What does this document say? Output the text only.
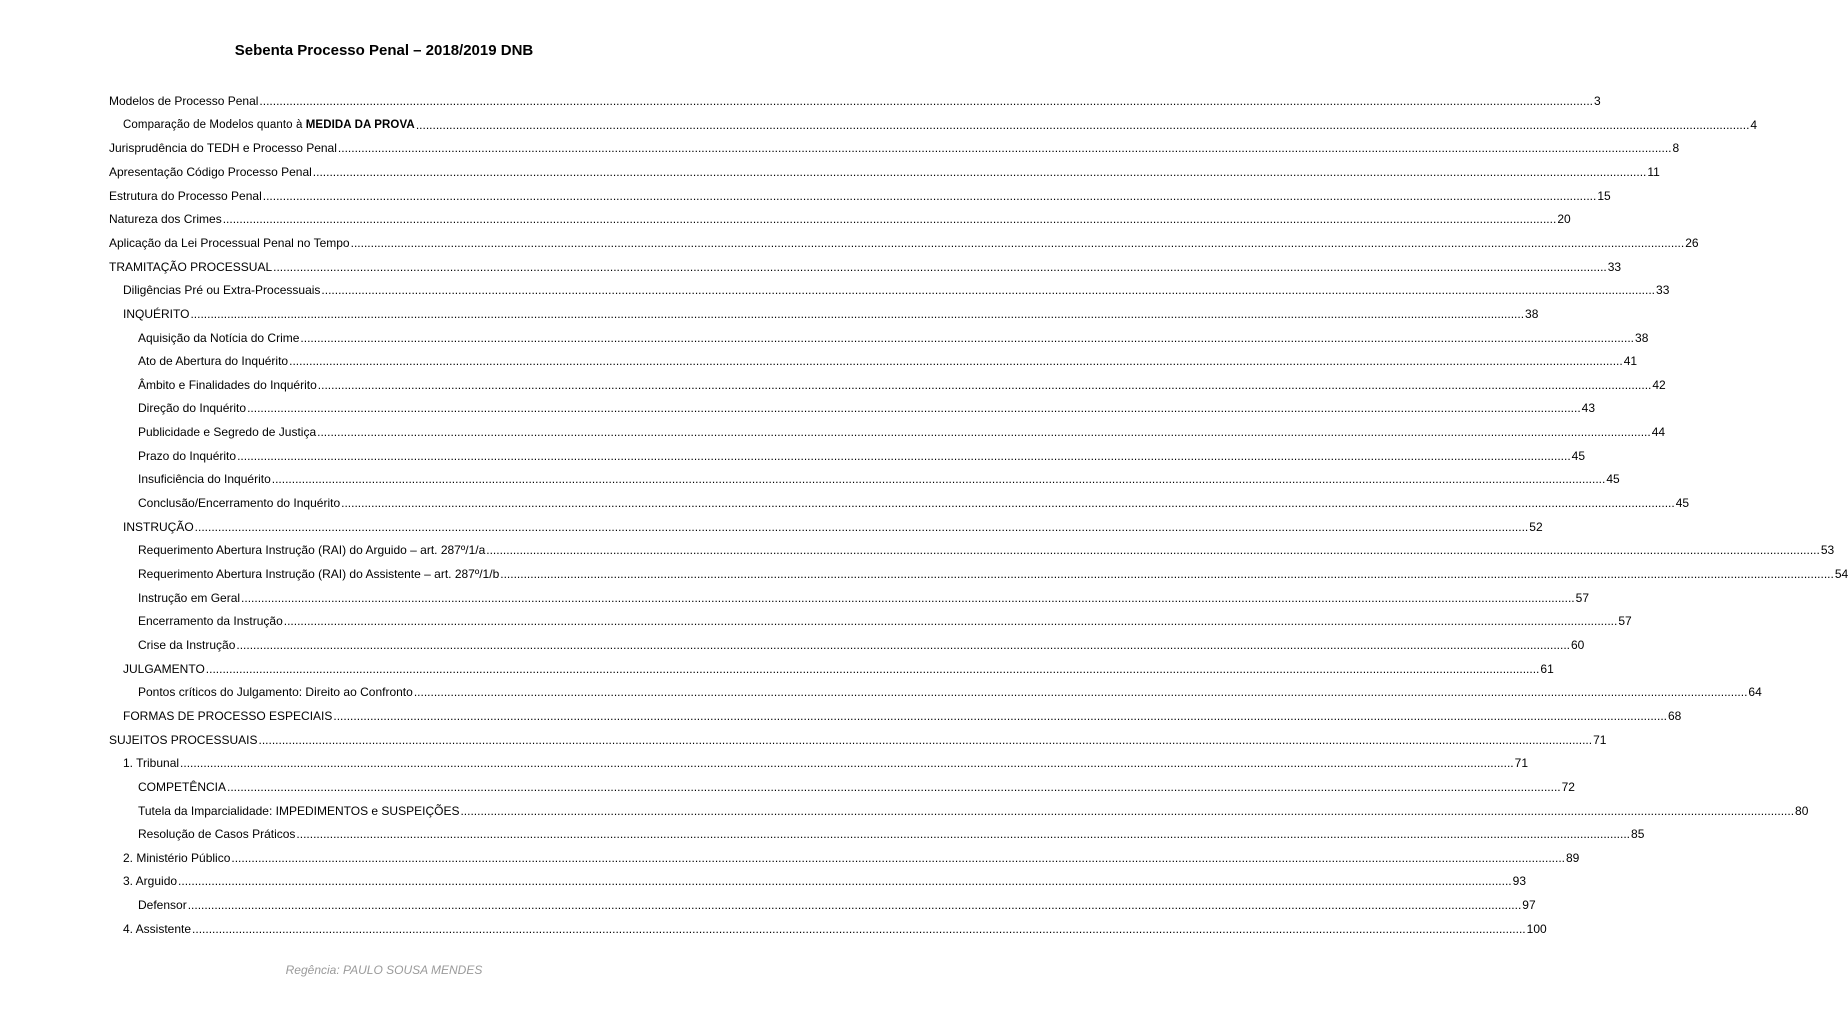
Sebenta Processo Penal – 2018/2019 DNB
Modelos de Processo Penal ................................................................................................................................................................................................................................................................................................................................................................................................................ 3
Comparação de Modelos quanto à MEDIDA DA PROVA ................................................................................................................................................................................................................................................................................................................................................................................................................ 4
Jurisprudência do TEDH e Processo Penal ................................................................................................................................................................................................................................................................................................................................................................................................................ 8
Apresentação Código Processo Penal ................................................................................................................................................................................................................................................................................................................................................................................................................ 11
Estrutura do Processo Penal ................................................................................................................................................................................................................................................................................................................................................................................................................ 15
Natureza dos Crimes ................................................................................................................................................................................................................................................................................................................................................................................................................ 20
Aplicação da Lei Processual Penal no Tempo ................................................................................................................................................................................................................................................................................................................................................................................................................ 26
TRAMITAÇÃO PROCESSUAL ................................................................................................................................................................................................................................................................................................................................................................................................................ 33
Diligências Pré ou Extra-Processuais ................................................................................................................................................................................................................................................................................................................................................................................................................ 33
INQUÉRITO ................................................................................................................................................................................................................................................................................................................................................................................................................ 38
Aquisição da Notícia do Crime ................................................................................................................................................................................................................................................................................................................................................................................................................ 38
Ato de Abertura do Inquérito ................................................................................................................................................................................................................................................................................................................................................................................................................ 41
Âmbito e Finalidades do Inquérito ................................................................................................................................................................................................................................................................................................................................................................................................................ 42
Direção do Inquérito ................................................................................................................................................................................................................................................................................................................................................................................................................ 43
Publicidade e Segredo de Justiça ................................................................................................................................................................................................................................................................................................................................................................................................................ 44
Prazo do Inquérito ................................................................................................................................................................................................................................................................................................................................................................................................................ 45
Insuficiência do Inquérito ................................................................................................................................................................................................................................................................................................................................................................................................................ 45
Conclusão/Encerramento do Inquérito ................................................................................................................................................................................................................................................................................................................................................................................................................ 45
INSTRUÇÃO ................................................................................................................................................................................................................................................................................................................................................................................................................ 52
Requerimento Abertura Instrução (RAI) do Arguido – art. 287º/1/a ................................................................................................................................................................................................................................................................................................................................................................................................................ 53
Requerimento Abertura Instrução (RAI) do Assistente – art. 287º/1/b ................................................................................................................................................................................................................................................................................................................................................................................................................ 54
Instrução em Geral ................................................................................................................................................................................................................................................................................................................................................................................................................ 57
Encerramento da Instrução ................................................................................................................................................................................................................................................................................................................................................................................................................ 57
Crise da Instrução ................................................................................................................................................................................................................................................................................................................................................................................................................ 60
JULGAMENTO ................................................................................................................................................................................................................................................................................................................................................................................................................ 61
Pontos críticos do Julgamento: Direito ao Confronto ................................................................................................................................................................................................................................................................................................................................................................................................................ 64
FORMAS DE PROCESSO ESPECIAIS ................................................................................................................................................................................................................................................................................................................................................................................................................ 68
SUJEITOS PROCESSUAIS ................................................................................................................................................................................................................................................................................................................................................................................................................ 71
1. Tribunal ................................................................................................................................................................................................................................................................................................................................................................................................................ 71
COMPETÊNCIA ................................................................................................................................................................................................................................................................................................................................................................................................................ 72
Tutela da Imparcialidade: IMPEDIMENTOS e SUSPEIÇÕES ................................................................................................................................................................................................................................................................................................................................................................................................................ 80
Resolução de Casos Práticos ................................................................................................................................................................................................................................................................................................................................................................................................................ 85
2. Ministério Público ................................................................................................................................................................................................................................................................................................................................................................................................................ 89
3. Arguido ................................................................................................................................................................................................................................................................................................................................................................................................................ 93
Defensor ................................................................................................................................................................................................................................................................................................................................................................................................................ 97
4. Assistente ................................................................................................................................................................................................................................................................................................................................................................................................................ 100
Regência: PAULO SOUSA MENDES
